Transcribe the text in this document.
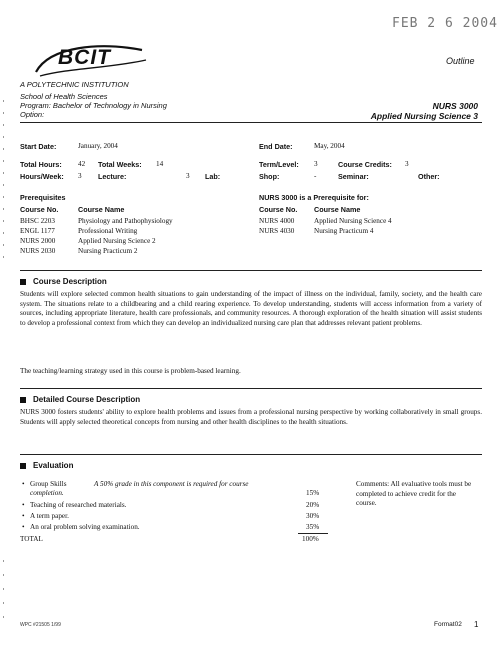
FEB 2 6 2004
Outline
BCIT
A POLYTECHNIC INSTITUTION
School of Health Sciences
Program: Bachelor of Technology in Nursing
Option:
NURS 3000
Applied Nursing Science 3
Start Date:	January, 2004	End Date:	May, 2004
Total Hours: 42 Total Weeks: 14	Term/Level: 3	Course Credits: 3
Hours/Week: 3 Lecture:	3 Lab:	Shop:	-	Seminar:	Other:
Prerequisites
Course No.	Course Name
BHSC 2203	Physiology and Pathophysiology
ENGL 1177	Professional Writing
NURS 2000	Applied Nursing Science 2
NURS 2030	Nursing Practicum 2
NURS 3000 is a Prerequisite for:
Course No. Course Name
NURS 4000	Applied Nursing Science 4
NURS 4030	Nursing Practicum 4
Course Description
Students will explore selected common health situations to gain understanding of the impact of illness on the individual, family, society, and the health care system. The situations relate to a childbearing and a child rearing experience. To develop understanding, students will access information from a variety of sources, including appropriate literature, health care professionals, and community resources. A thorough exploration of the health situation will assist students to develop a professional context from which they can develop an individualized nursing care plan that addresses relevant patient problems.
The teaching/learning strategy used in this course is problem-based learning.
Detailed Course Description
NURS 3000 fosters students' ability to explore health problems and issues from a professional nursing perspective by working collaboratively in small groups. Students will apply selected theoretical concepts from nursing and other health disciplines to the health situations.
Evaluation
• Group Skills	A 50% grade in this component is required for course completion.	15%
• Teaching of researched materials.	20%
• A term paper.	30%
• An oral problem solving examination.	35%
TOTAL	100%
Comments: All evaluative tools must be completed to achieve credit for the course.
WPC #21505 1/99	Format02 1
